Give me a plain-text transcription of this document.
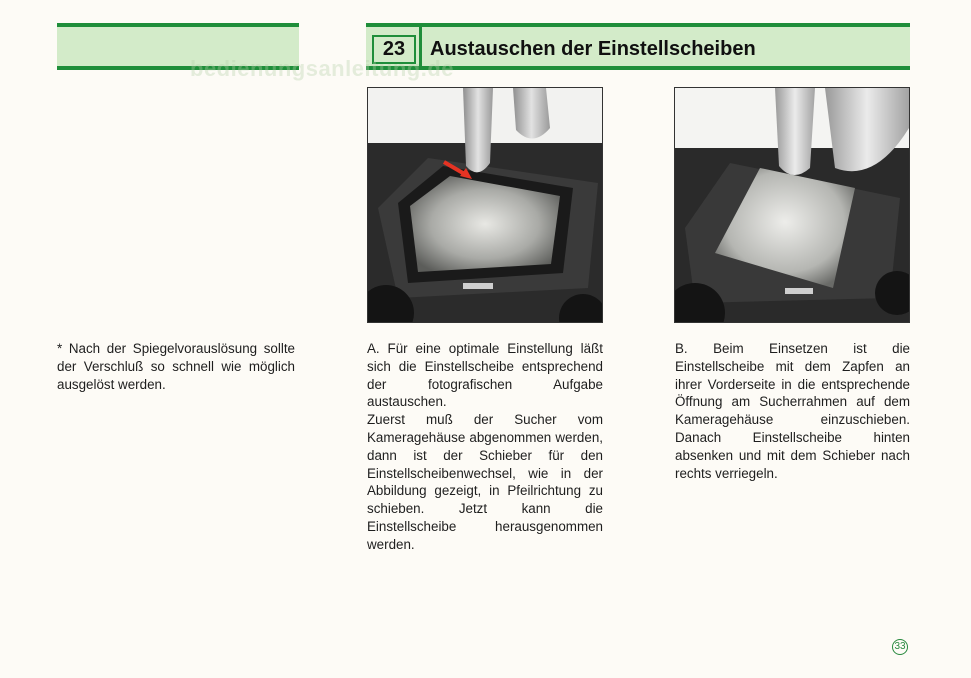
23	Austauschen der Einstellscheiben
bedienungsanleitung.de

* Nach der Spiegelvorauslösung sollte der Verschluß so schnell wie möglich ausgelöst werden.

A. Für eine optimale Einstellung läßt sich die Einstellscheibe entsprechend der fotografischen Aufgabe austauschen.

Zuerst muß der Sucher vom Kameragehäuse abgenommen werden, dann ist der Schieber für den Einstellscheibenwechsel, wie in der Abbildung gezeigt, in Pfeilrichtung zu schieben. Jetzt kann die Einstellscheibe herausgenommen werden.

B. Beim Einsetzen ist die Einstellscheibe mit dem Zapfen an ihrer Vorderseite in die entsprechende Öffnung am Sucherrahmen auf dem Kameragehäuse einzuschieben. Danach Einstellscheibe hinten absenken und mit dem Schieber nach rechts verriegeln.

33
